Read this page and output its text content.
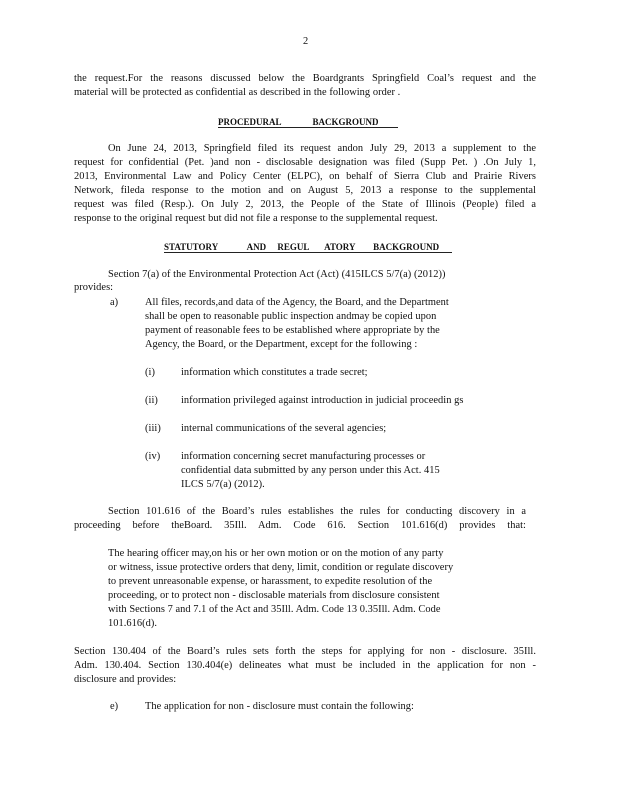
2
the request.For the reasons discussed below the Boardgrants Springfield Coal’s request and the
material will be protected as confidential as described in the following order .
PROCEDURAL              BACKGROUND
On June 24, 2013, Springfield filed its request andon July 29, 2013 a supplement to the
request for confidential (Pet. )and non - disclosable designation was filed (Supp Pet. ) .On July 1,
2013, Environmental Law and Policy Center (ELPC), on behalf of Sierra Club and Prairie Rivers
Network, fileda response to the motion and on August 5, 2013 a response to the supplemental
request was filed (Resp.). On July 2, 2013, the People of the State of Illinois (People) filed a
response to the original request but did not file a response to the supplemental request.
STATUTORY             AND     REGUL       ATORY        BACKGROUND
Section 7(a) of the Environmental Protection Act (Act) (415ILCS 5/7(a) (2012))
provides:
a)	All files, records,and data of the Agency, the Board, and the Department
shall be open to reasonable public inspection andmay be copied upon
payment of reasonable fees to be established where appropriate by the
Agency, the Board, or the Department, except for the following :
(i)	information which constitutes a trade secret;
(ii) information privileged against introduction in judicial proceedin gs
(iii) internal communications of the several agencies;
(iv) information concerning secret manufacturing processes or
confidential data submitted by any person under this Act. 415
ILCS 5/7(a) (2012).
Section 101.616 of the Board’s rules establishes the rules for conducting discovery in a
proceeding before theBoard. 35Ill. Adm. Code 616. Section 101.616(d) provides that:
The hearing officer may,on his or her own motion or on the motion of any party
or witness, issue protective orders that deny, limit, condition or regulate discovery
to prevent unreasonable expense, or harassment, to expedite resolution of the
proceeding, or to protect non - disclosable materials from disclosure consistent
with Sections 7 and 7.1 of the Act and 35Ill. Adm. Code 13 0.35Ill. Adm. Code
101.616(d).
Section 130.404 of the Board’s rules sets forth the steps for applying for non - disclosure. 35Ill.
Adm. 130.404. Section 130.404(e) delineates what must be included in the application for non -
disclosure and provides:
e)	The application for non - disclosure must contain the following:
